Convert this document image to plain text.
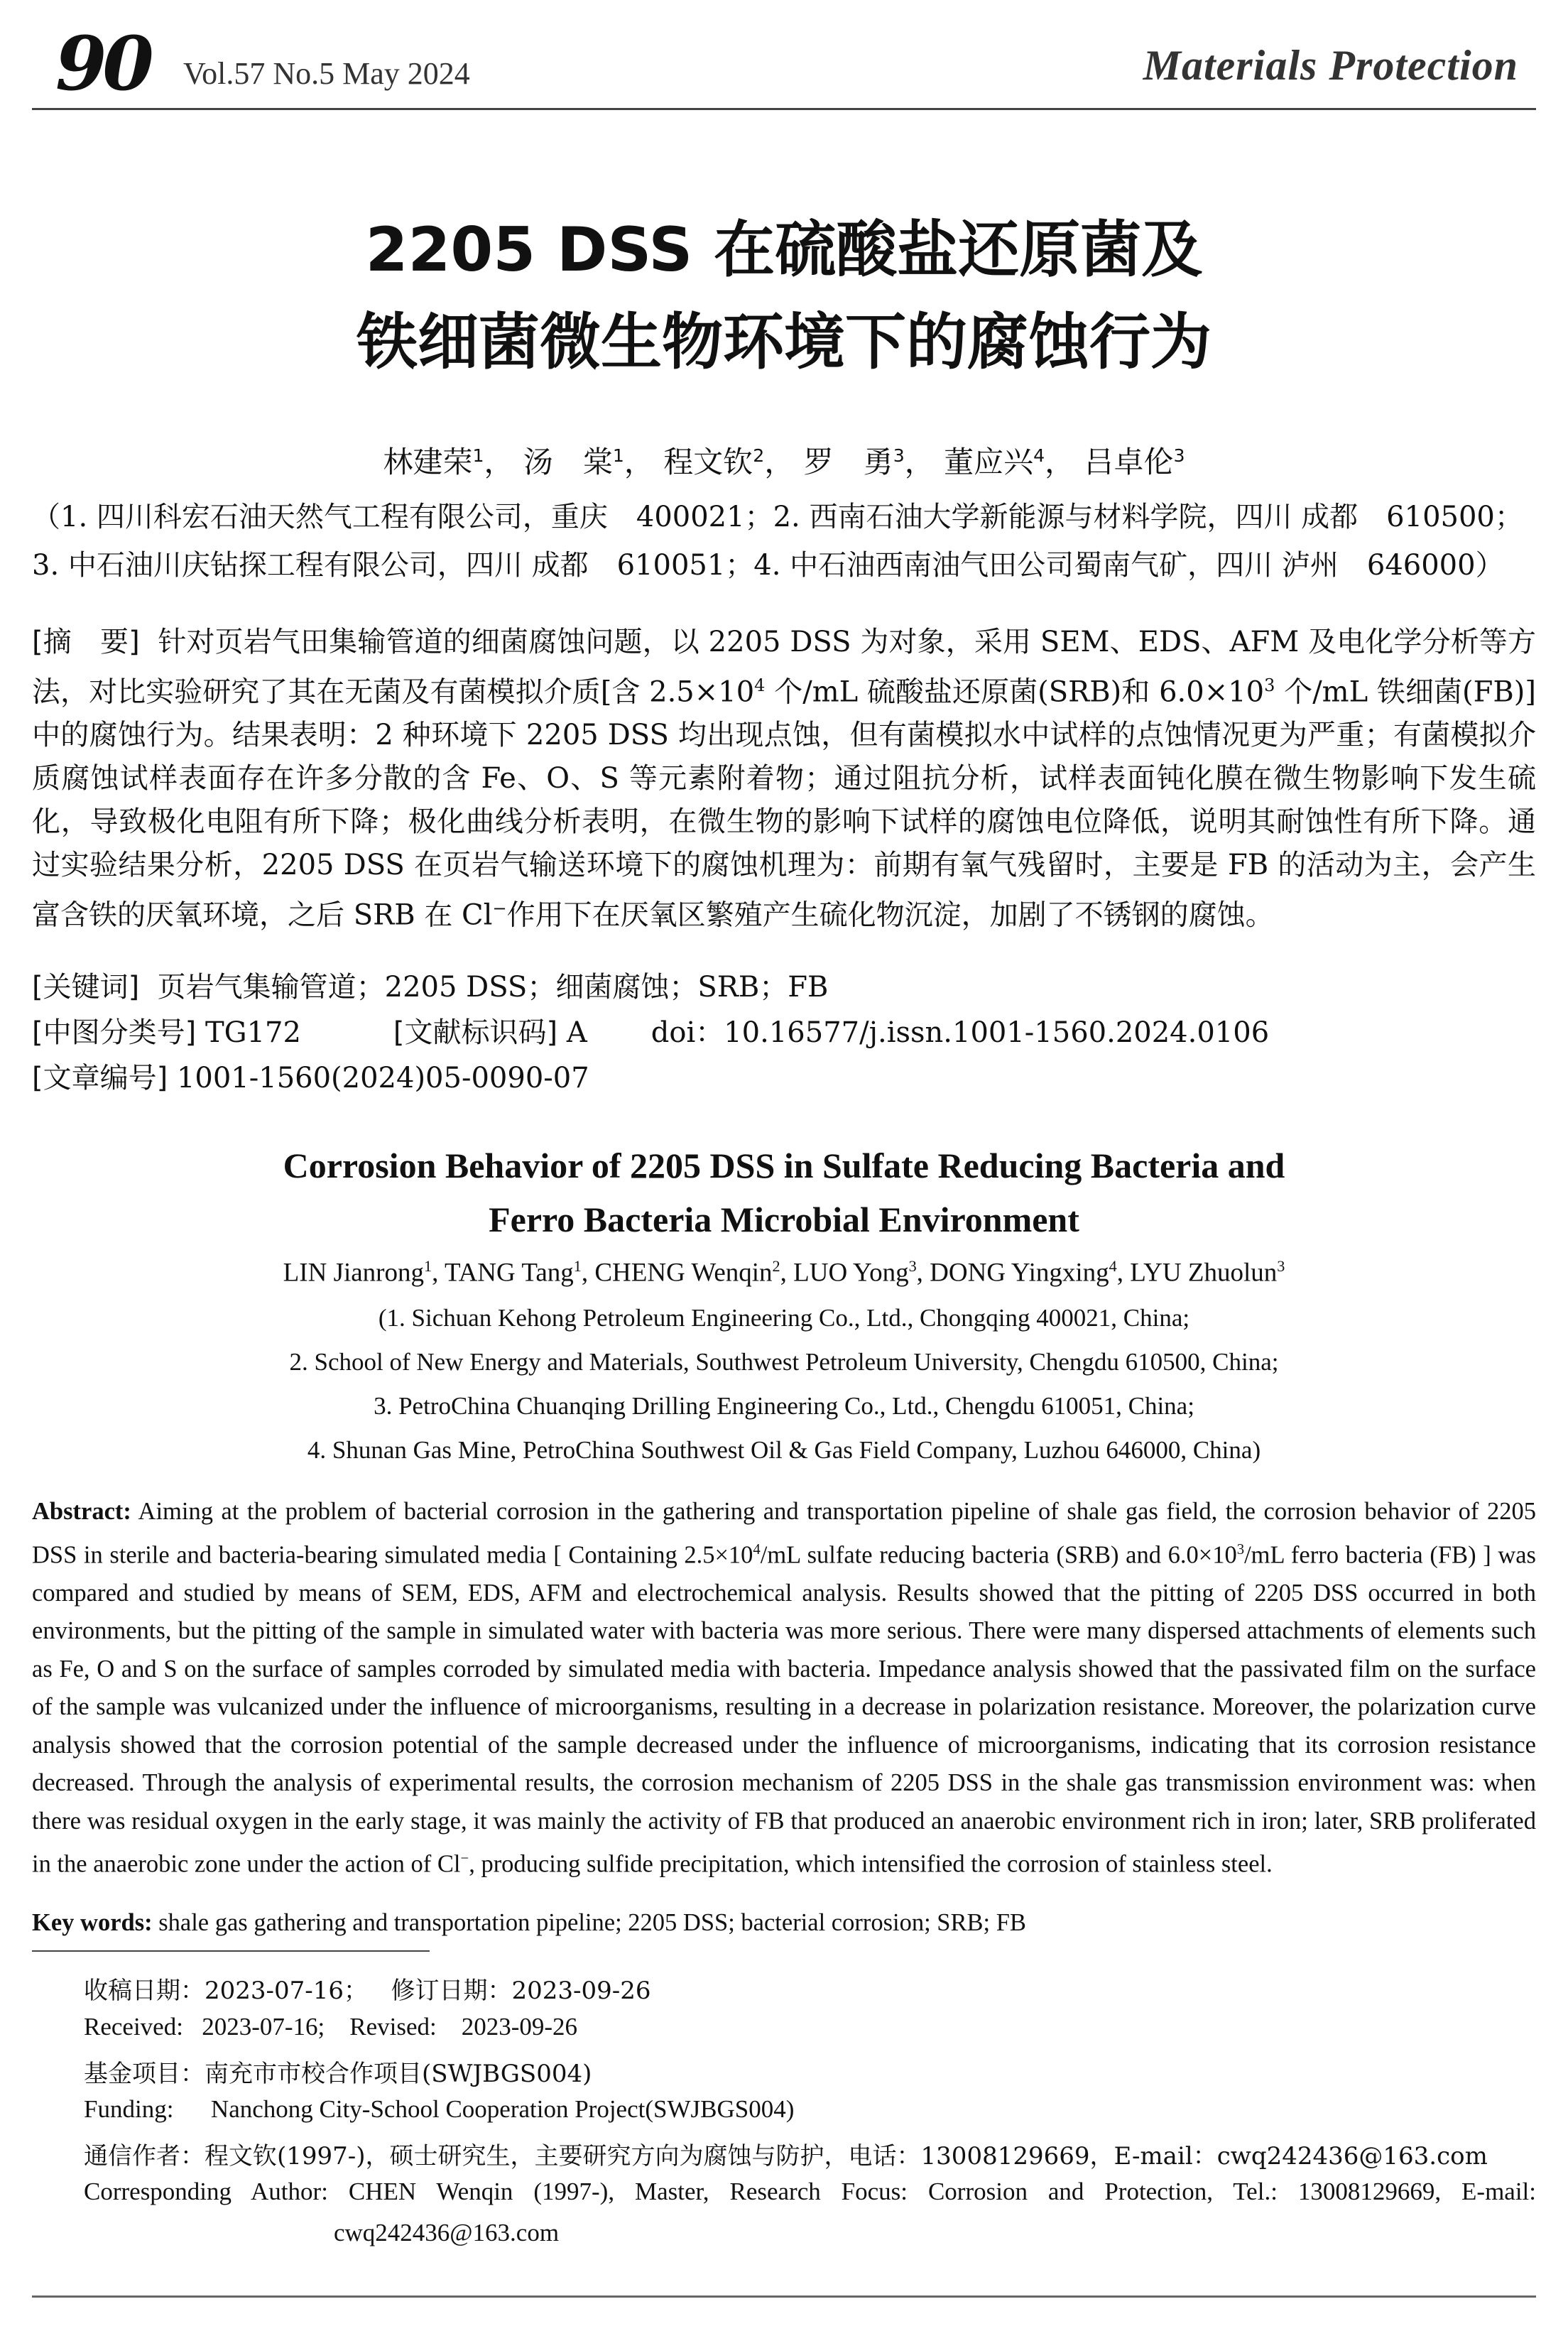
90 Vol.57 No.5 May 2024	Materials Protection
2205 DSS 在硫酸盐还原菌及
铁细菌微生物环境下的腐蚀行为
林建荣$^1$， 汤　棠$^1$， 程文钦$^2$， 罗　勇$^3$， 董应兴$^4$， 吕卓伦$^3$
（1. 四川科宏石油天然气工程有限公司，重庆　400021；2. 西南石油大学新能源与材料学院，四川 成都　610500；
3. 中石油川庆钻探工程有限公司，四川 成都　610051；4. 中石油西南油气田公司蜀南气矿，四川 泸州　646000）
[摘　要] 针对页岩气田集输管道的细菌腐蚀问题，以 2205 DSS 为对象，采用 SEM、EDS、AFM 及电化学分析等方法，对比实验研究了其在无菌及有菌模拟介质[含 $2.5\times 10^4$ 个/mL 硫酸盐还原菌(SRB)和 $6.0\times 10^3$ 个/mL 铁细菌(FB)]中的腐蚀行为。结果表明：2 种环境下 2205 DSS 均出现点蚀，但有菌模拟水中试样的点蚀情况更为严重；有菌模拟介质腐蚀试样表面存在许多分散的含 Fe、O、S 等元素附着物；通过阻抗分析，试样表面钝化膜在微生物影响下发生硫化，导致极化电阻有所下降；极化曲线分析表明，在微生物的影响下试样的腐蚀电位降低，说明其耐蚀性有所下降。通过实验结果分析，2205 DSS 在页岩气输送环境下的腐蚀机理为：前期有氧气残留时，主要是 FB 的活动为主，会产生富含铁的厌氧环境，之后 SRB 在 Cl−作用下在厌氧区繁殖产生硫化物沉淀，加剧了不锈钢的腐蚀。
[关键词] 页岩气集输管道；2205 DSS；细菌腐蚀；SRB；FB
[中图分类号] TG172	[文献标识码] A doi：10.16577/j.issn.1001-1560.2024.0106
[文章编号] 1001-1560(2024)05-0090-07
Corrosion Behavior of 2205 DSS in Sulfate Reducing Bacteria and
Ferro Bacteria Microbial Environment
LIN Jianrong$^1$, TANG Tang$^1$, CHENG Wenqin$^2$, LUO Yong$^3$, DONG Yingxing$^4$, LYU Zhuolun$^3$
(1. Sichuan Kehong Petroleum Engineering Co., Ltd., Chongqing 400021, China;
2. School of New Energy and Materials, Southwest Petroleum University, Chengdu 610500, China;
3. PetroChina Chuanqing Drilling Engineering Co., Ltd., Chengdu 610051, China;
4. Shunan Gas Mine, PetroChina Southwest Oil & Gas Field Company, Luzhou 646000, China)
Abstract: Aiming at the problem of bacterial corrosion in the gathering and transportation pipeline of shale gas field, the corrosion behavior of 2205 DSS in sterile and bacteria-bearing simulated media [ Containing $2.5\times 10^4/mL$ sulfate reducing bacteria (SRB) and $6.0\times 10^3/mL$ ferro bacteria (FB) ] was compared and studied by means of SEM, EDS, AFM and electrochemical analysis. Results showed that the pitting of 2205 DSS occurred in both environments, but the pitting of the sample in simulated water with bacteria was more serious. There were many dispersed attachments of elements such as Fe, O and S on the surface of samples corroded by simulated media with bacteria. Impedance analysis showed that the passivated film on the surface of the sample was vulcanized under the influence of microorganisms, resulting in a decrease in polarization resistance. Moreover, the polarization curve analysis showed that the corrosion potential of the sample decreased under the influence of microorganisms, indicating that its corrosion resistance decreased. Through the analysis of experimental results, the corrosion mechanism of 2205 DSS in the shale gas transmission environment was: when there was residual oxygen in the early stage, it was mainly the activity of FB that produced an anaerobic environment rich in iron; later, SRB proliferated in the anaerobic zone under the action of Cl−, producing sulfide precipitation, which intensified the corrosion of stainless steel.
Key words: shale gas gathering and transportation pipeline; 2205 DSS; bacterial corrosion; SRB; FB
收稿日期：2023-07-16； 修订日期：2023-09-26
Received: 2023-07-16; Revised: 2023-09-26
基金项目：南充市市校合作项目(SWJBGS004)
Funding: Nanchong City-School Cooperation Project(SWJBGS004)
通信作者：程文钦(1997-)，硕士研究生，主要研究方向为腐蚀与防护，电话：13008129669，E-mail：cwq242436@163.com
Corresponding Author: CHEN Wenqin (1997-), Master, Research Focus: Corrosion and Protection, Tel.: 13008129669, E-mail:
cwq242436@163.com
